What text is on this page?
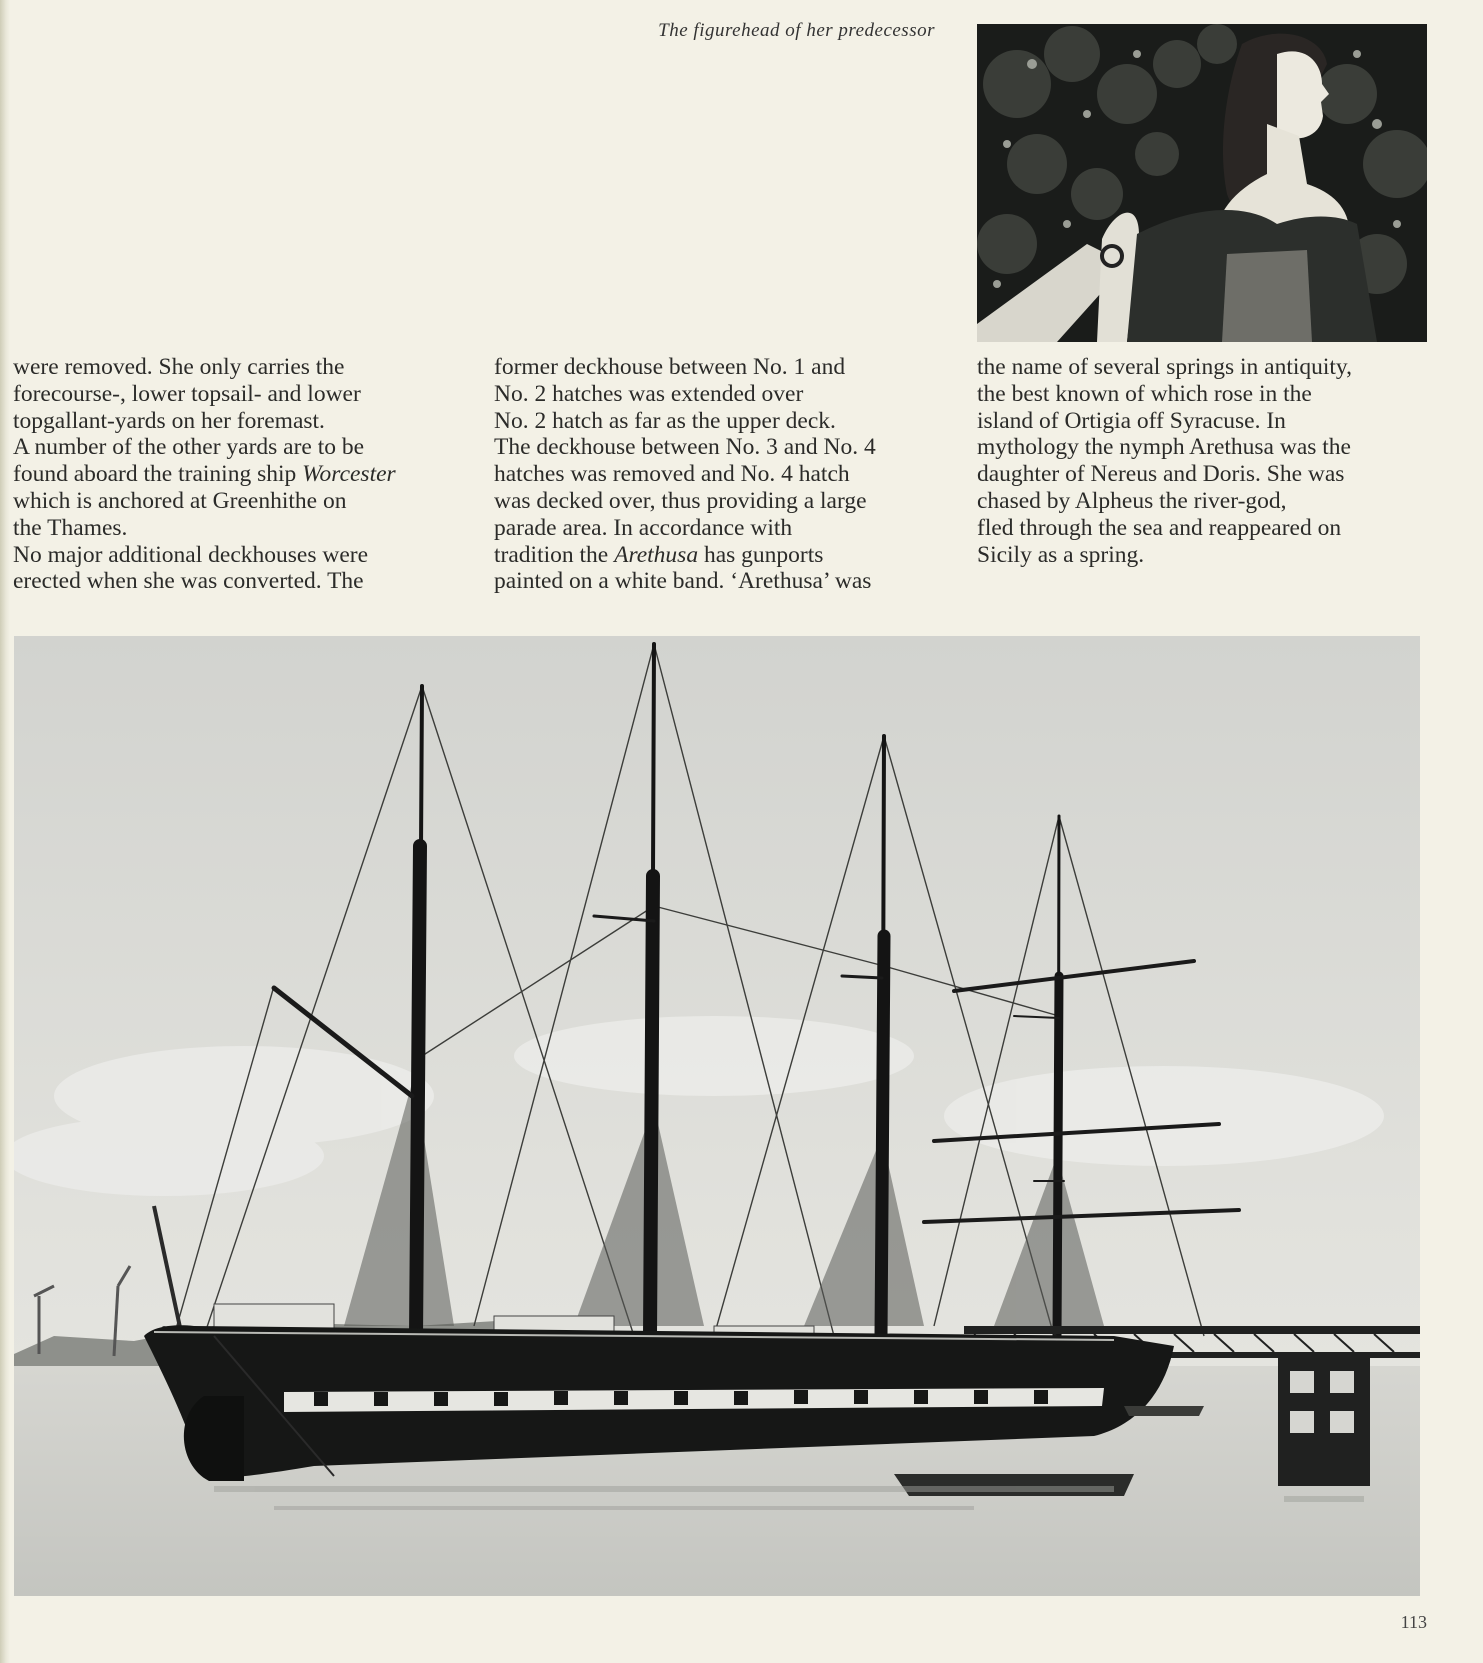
The figurehead of her predecessor

were removed. She only carries the

forecourse-, lower topsail- and lower

topgallant-yards on her foremast.

A number of the other yards are to be

found aboard the training ship Worcester

which is anchored at Greenhithe on

the Thames.

No major additional deckhouses were

erected when she was converted. The

former deckhouse between No. 1 and

No. 2 hatches was extended over

No. 2 hatch as far as the upper deck.

The deckhouse between No. 3 and No. 4

hatches was removed and No. 4 hatch

was decked over, thus providing a large

parade area. In accordance with

tradition the Arethusa has gunports

painted on a white band. ‘Arethusa’ was

the name of several springs in antiquity,

the best known of which rose in the

island of Ortigia off Syracuse. In

mythology the nymph Arethusa was the

daughter of Nereus and Doris. She was

chased by Alpheus the river-god,

fled through the sea and reappeared on

Sicily as a spring.

113
